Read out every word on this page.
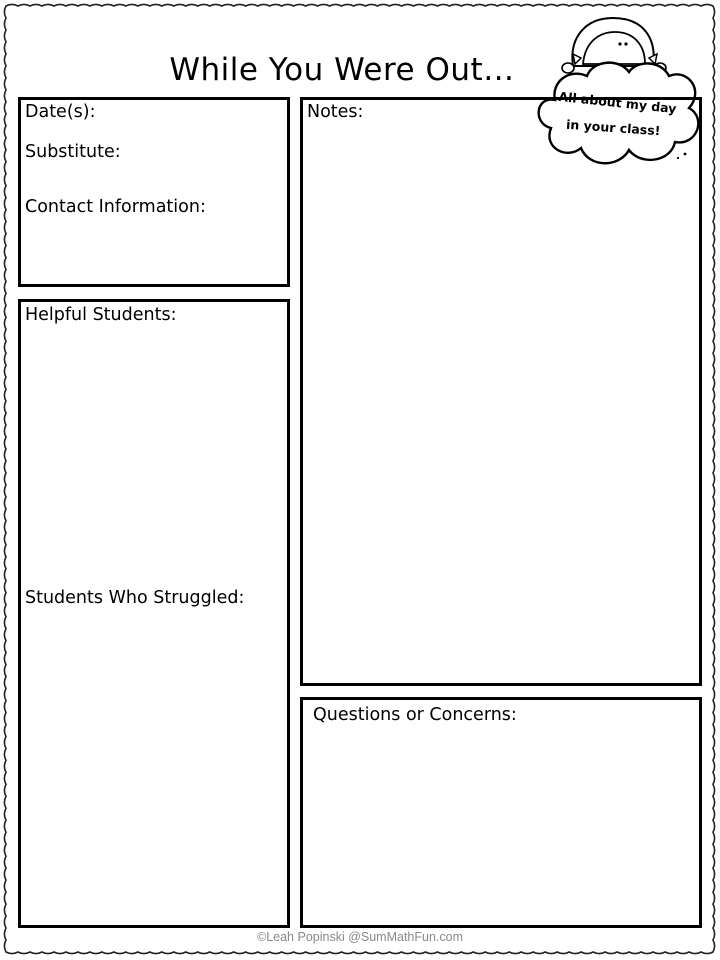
While You Were Out…
All about my day
in your class!
Date(s):
Substitute:
Contact Information:
Helpful Students:
Students Who Struggled:
Notes:
Questions or Concerns:
©Leah Popinski @SumMathFun.com
